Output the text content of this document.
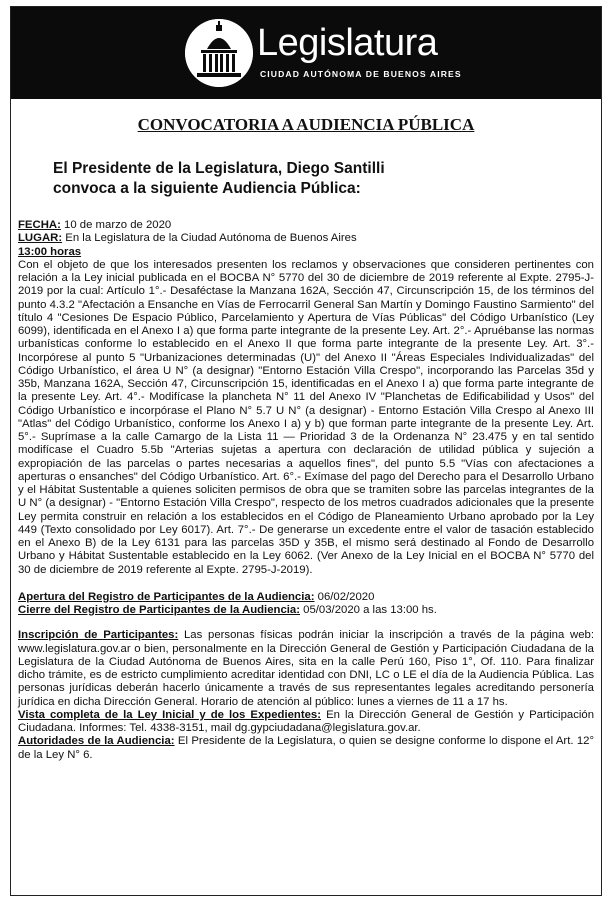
Legislatura
CIUDAD AUTÓNOMA DE BUENOS AIRES
CONVOCATORIA A AUDIENCIA PÚBLICA
El Presidente de la Legislatura, Diego Santilli
convoca a la siguiente Audiencia Pública:

FECHA: 10 de marzo de 2020

LUGAR: En la Legislatura de la Ciudad Autónoma de Buenos Aires

13:00 horas

Con el objeto de que los interesados presenten los reclamos y observaciones que consideren pertinentes con relación a la Ley inicial publicada en el BOCBA N° 5770 del 30 de diciembre de 2019 referente al Expte. 2795-J-2019 por la cual: Artículo 1°.- Desaféctase la Manzana 162A, Sección 47, Circunscripción 15, de los términos del punto 4.3.2 "Afectación a Ensanche en Vías de Ferrocarril General San Martín y Domingo Faustino Sarmiento" del título 4 "Cesiones De Espacio Público, Parcelamiento y Apertura de Vías Públicas" del Código Urbanístico (Ley 6099), identificada en el Anexo I a) que forma parte integrante de la presente Ley. Art. 2°.- Apruébanse las normas urbanísticas conforme lo establecido en el Anexo II que forma parte integrante de la presente Ley. Art. 3°.- Incorpórese al punto 5 "Urbanizaciones determinadas (U)" del Anexo II "Áreas Especiales Individualizadas" del Código Urbanístico, el área U N° (a designar) "Entorno Estación Villa Crespo", incorporando las Parcelas 35d y 35b, Manzana 162A, Sección 47, Circunscripción 15, identificadas en el Anexo I a) que forma parte integrante de la presente Ley. Art. 4°.- Modifícase la plancheta N° 11 del Anexo IV "Planchetas de Edificabilidad y Usos" del Código Urbanístico e incorpórase el Plano N° 5.7 U N° (a designar) - Entorno Estación Villa Crespo al Anexo III "Atlas" del Código Urbanístico, conforme los Anexo I a) y b) que forman parte integrante de la presente Ley. Art. 5°.- Suprímase a la calle Camargo de la Lista 11 — Prioridad 3 de la Ordenanza N° 23.475 y en tal sentido modifícase el Cuadro 5.5b "Arterias sujetas a apertura con declaración de utilidad pública y sujeción a expropiación de las parcelas o partes necesarias a aquellos fines", del punto 5.5 "Vías con afectaciones a aperturas o ensanches" del Código Urbanístico. Art. 6°.- Exímase del pago del Derecho para el Desarrollo Urbano y el Hábitat Sustentable a quienes soliciten permisos de obra que se tramiten sobre las parcelas integrantes de la U N° (a designar) - "Entorno Estación Villa Crespo", respecto de los metros cuadrados adicionales que la presente Ley permita construir en relación a los establecidos en el Código de Planeamiento Urbano aprobado por la Ley 449 (Texto consolidado por Ley 6017). Art. 7°.- De generarse un excedente entre el valor de tasación establecido en el Anexo B) de la Ley 6131 para las parcelas 35D y 35B, el mismo será destinado al Fondo de Desarrollo Urbano y Hábitat Sustentable establecido en la Ley 6062. (Ver Anexo de la Ley Inicial en el BOCBA N° 5770 del 30 de diciembre de 2019 referente al Expte. 2795-J-2019).

Apertura del Registro de Participantes de la Audiencia: 06/02/2020

Cierre del Registro de Participantes de la Audiencia: 05/03/2020 a las 13:00 hs.

Inscripción de Participantes: Las personas físicas podrán iniciar la inscripción a través de la página web: www.legislatura.gov.ar o bien, personalmente en la Dirección General de Gestión y Participación Ciudadana de la Legislatura de la Ciudad Autónoma de Buenos Aires, sita en la calle Perú 160, Piso 1°, Of. 110. Para finalizar dicho trámite, es de estricto cumplimiento acreditar identidad con DNI, LC o LE el día de la Audiencia Pública. Las personas jurídicas deberán hacerlo únicamente a través de sus representantes legales acreditando personería jurídica en dicha Dirección General. Horario de atención al público: lunes a viernes de 11 a 17 hs.

Vista completa de la Ley Inicial y de los Expedientes: En la Dirección General de Gestión y Participación Ciudadana. Informes: Tel. 4338-3151, mail dg.gypciudadana@legislatura.gov.ar.

Autoridades de la Audiencia: El Presidente de la Legislatura, o quien se designe conforme lo dispone el Art. 12° de la Ley N° 6.
